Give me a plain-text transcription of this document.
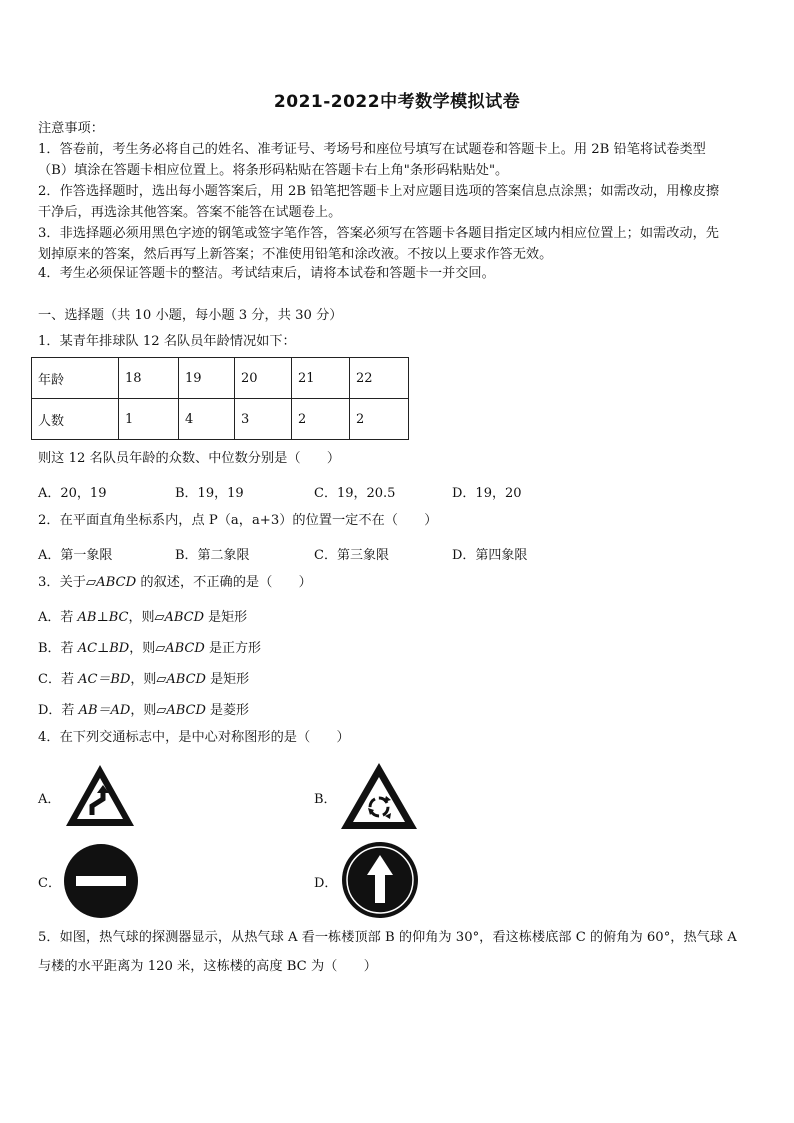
2021-2022中考数学模拟试卷
注意事项：
1．答卷前，考生务必将自己的姓名、准考证号、考场号和座位号填写在试题卷和答题卡上。用 2B 铅笔将试卷类型
（B）填涂在答题卡相应位置上。将条形码粘贴在答题卡右上角"条形码粘贴处"。
2．作答选择题时，选出每小题答案后，用 2B 铅笔把答题卡上对应题目选项的答案信息点涂黑；如需改动，用橡皮擦
干净后，再选涂其他答案。答案不能答在试题卷上。
3．非选择题必须用黑色字迹的钢笔或签字笔作答，答案必须写在答题卡各题目指定区域内相应位置上；如需改动，先
划掉原来的答案，然后再写上新答案；不准使用铅笔和涂改液。不按以上要求作答无效。
4．考生必须保证答题卡的整洁。考试结束后，请将本试卷和答题卡一并交回。
一、选择题（共 10 小题，每小题 3 分，共 30 分）
1．某青年排球队 12 名队员年龄情况如下：
年龄	18	19	20	21	22
人数	1	4	3	2	2
则这 12 名队员年龄的众数、中位数分别是（　　）
A．20，19	B．19，19	C．19，20.5	D．19，20
2．在平面直角坐标系内，点 P（a，a+3）的位置一定不在（　　）
A．第一象限	B．第二象限	C．第三象限	D．第四象限
3．关于▱ABCD 的叙述，不正确的是（　　）
A．若 AB⊥BC，则▱ABCD 是矩形
B．若 AC⊥BD，则▱ABCD 是正方形
C．若 AC＝BD，则▱ABCD 是矩形
D．若 AB＝AD，则▱ABCD 是菱形
4．在下列交通标志中，是中心对称图形的是（　　）
A．	B．
C．	D．
5．如图，热气球的探测器显示，从热气球 A 看一栋楼顶部 B 的仰角为 30°，看这栋楼底部 C 的俯角为 60°，热气球 A
与楼的水平距离为 120 米，这栋楼的高度 BC 为（　　）
